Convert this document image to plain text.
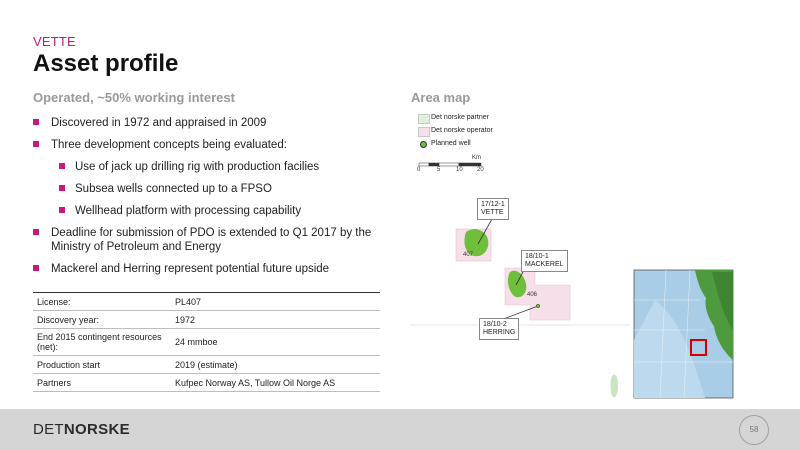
VETTE
Asset profile
Operated, ~50% working interest	Area map
Discovered in 1972 and appraised in 2009
Three development concepts being evaluated:
Use of jack up drilling rig with production facilies
Subsea wells connected up to a FPSO
Wellhead platform with processing capability
Deadline for submission of PDO is extended to Q1 2017 by the Ministry of Petroleum and Energy
Mackerel and Herring represent potential future upside
License:	PL407
Discovery year:	1972
End 2015 contingent resources (net):	24 mmboe
Production start	2019 (estimate)
Partners	Kufpec Norway AS, Tullow Oil Norge AS
Det norske partner
Det norske operator
Planned well
Km
0	5	10 20
407
406
17/12-1
VETTE
18/10-1
MACKEREL
18/10-2
HERRING
DETNORSKE	58
